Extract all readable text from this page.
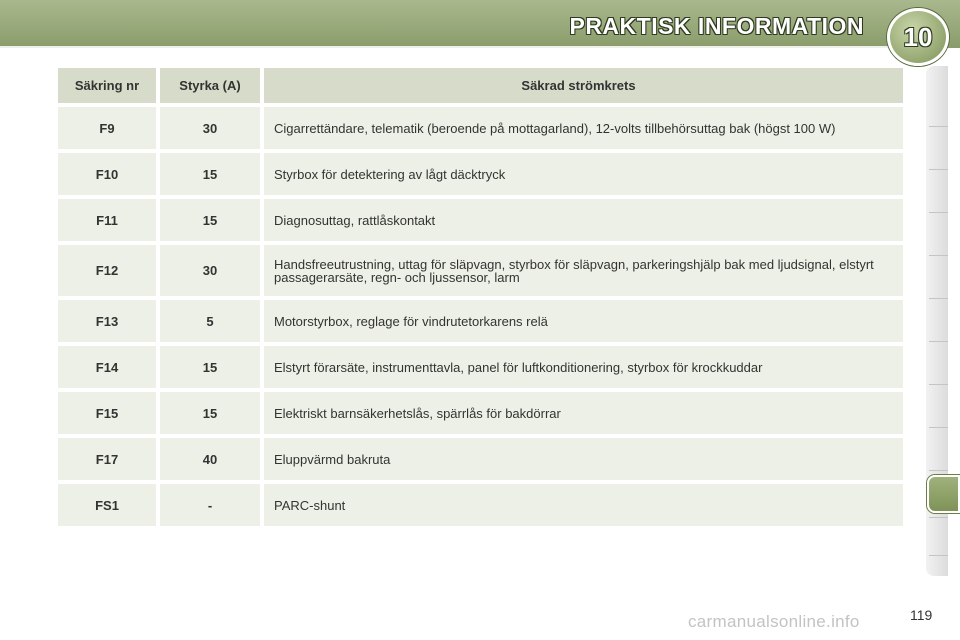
PRAKTISK INFORMATION 10
Säkring nr	Styrka (A)	Säkrad strömkrets
F9	30	Cigarrettändare, telematik (beroende på mottagarland), 12-volts tillbehörsuttag bak (högst 100 W)
F10	15	Styrbox för detektering av lågt däcktryck
F11	15	Diagnosuttag, rattlåskontakt
F12	30	Handsfreeutrustning, uttag för släpvagn, styrbox för släpvagn, parkeringshjälp bak med ljudsignal, elstyrt passagerarsäte, regn- och ljussensor, larm
F13	5	Motorstyrbox, reglage för vindrutetorkarens relä
F14	15	Elstyrt förarsäte, instrumenttavla, panel för luftkonditionering, styrbox för krockkuddar
F15	15	Elektriskt barnsäkerhetslås, spärrlås för bakdörrar
F17	40	Eluppvärmd bakruta
FS1	-	PARC-shunt
119
carmanualsonline.info
